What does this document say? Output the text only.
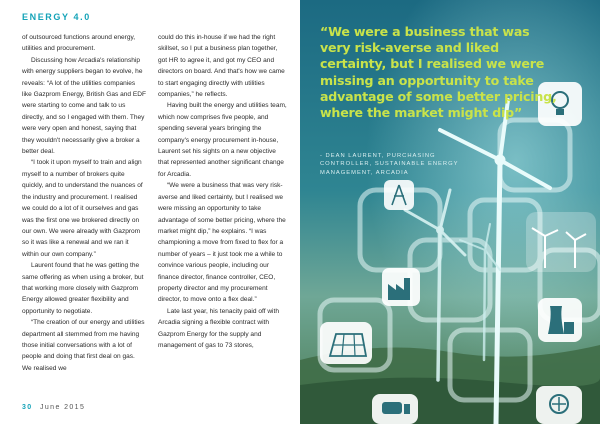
ENERGY 4.0

of outsourced functions around energy, utilities and procurement.

Discussing how Arcadia's relationship with energy suppliers began to evolve, he reveals: “A lot of the utilities companies like Gazprom Energy, British Gas and EDF were starting to come and talk to us directly, and so I engaged with them. They were very open and honest, saying that they wouldn't necessarily give a broker a better deal.

“I took it upon myself to train and align myself to a number of brokers quite quickly, and to understand the nuances of the industry and procurement. I realised we could do a lot of it ourselves and gas was the first one we brokered directly on our own. We were already with Gazprom so it was like a renewal and we ran it within our own company.”

Laurent found that he was getting the same offering as when using a broker, but that working more closely with Gazprom Energy allowed greater flexibility and opportunity to negotiate.

“The creation of our energy and utilities department all stemmed from me having those initial conversations with a lot of people and doing that first deal on gas. We realised we

could do this in-house if we had the right skillset, so I put a business plan together, got HR to agree it, and got my CEO and directors on board. And that's how we came to start engaging directly with utilities companies,” he reflects.

Having built the energy and utilities team, which now comprises five people, and spending several years bringing the company's energy procurement in-house, Laurent set his sights on a new objective that represented another significant change for Arcadia.

“We were a business that was very risk-averse and liked certainty, but I realised we were missing an opportunity to take advantage of some better pricing, where the market might dip,” he explains. “I was championing a move from fixed to flex for a number of years – it just took me a while to convince various people, including our finance director, finance controller, CEO, property director and my procurement director, to move onto a flex deal.”

Late last year, his tenacity paid off with Arcadia signing a flexible contract with Gazprom Energy for the supply and management of gas to 73 stores,

30 June 2015
“We were a business that was very risk-averse and liked certainty, but I realised we were missing an opportunity to take advantage of some better pricing, where the market might dip”
- DEAN LAURENT, PURCHASING CONTROLLER, SUSTAINABLE ENERGY MANAGEMENT, ARCADIA
